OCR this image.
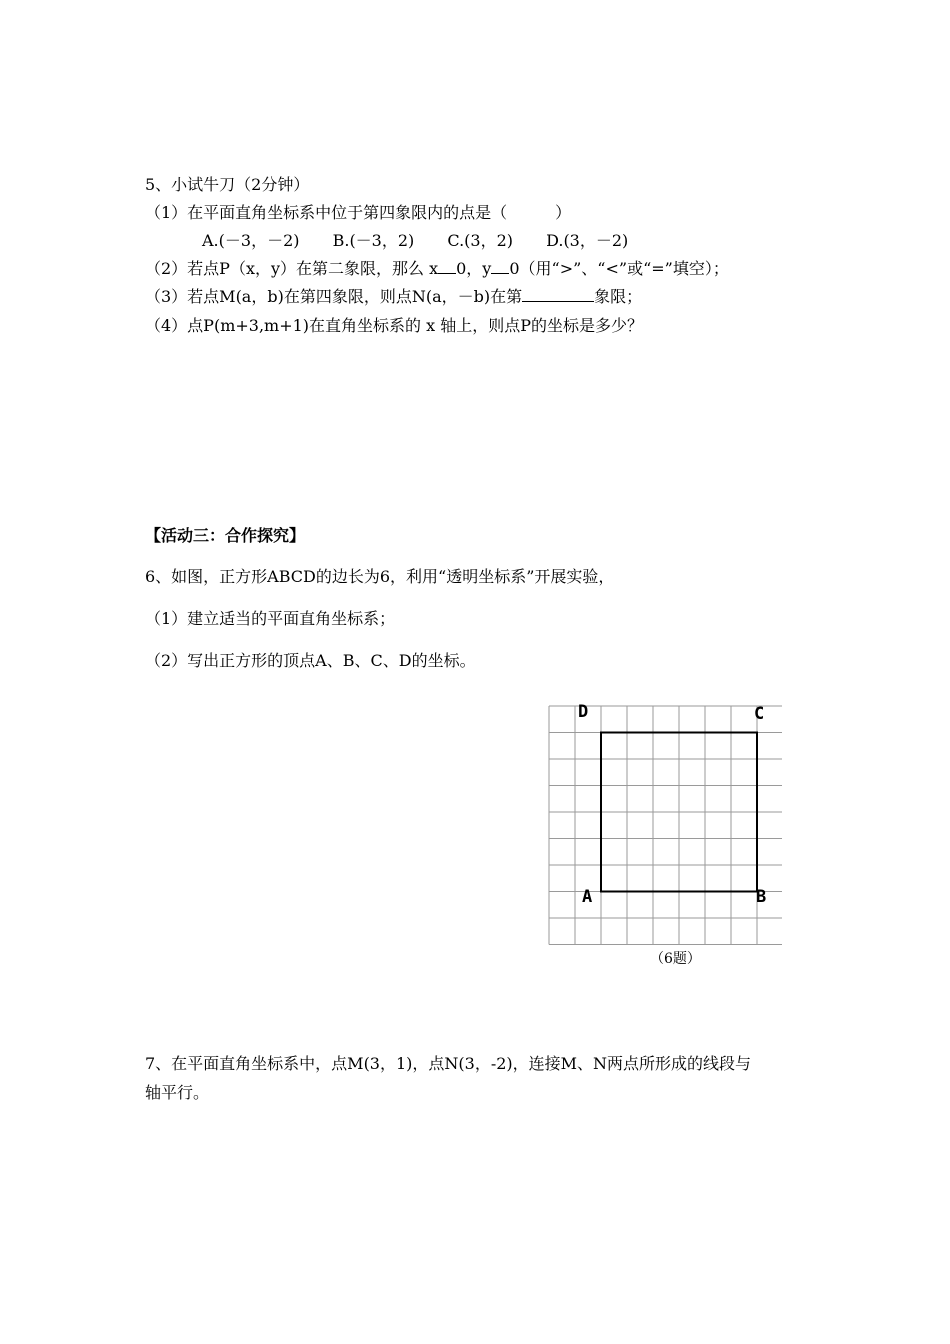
5、小试牛刀（2分钟）
（1）在平面直角坐标系中位于第四象限内的点是（　　　）
A.(－3，－2) B.(－3，2) C.(3，2) D.(3，－2)
（2）若点P（x，y）在第二象限，那么 x 0，y 0（用“>”、“<”或“=”填空）；
（3）若点M(a，b)在第四象限，则点N(a，－b)在第	象限；
（4）点P(m+3,m+1)在直角坐标系的 x 轴上，则点P的坐标是多少？
【活动三：合作探究】
6、如图，正方形ABCD的边长为6，利用“透明坐标系”开展实验，
（1）建立适当的平面直角坐标系；
（2）写出正方形的顶点A、B、C、D的坐标。
D	C
A	B
（6题）
7、在平面直角坐标系中，点M(3，1)，点N(3，-2)，连接M、N两点所形成的线段与
轴平行。
